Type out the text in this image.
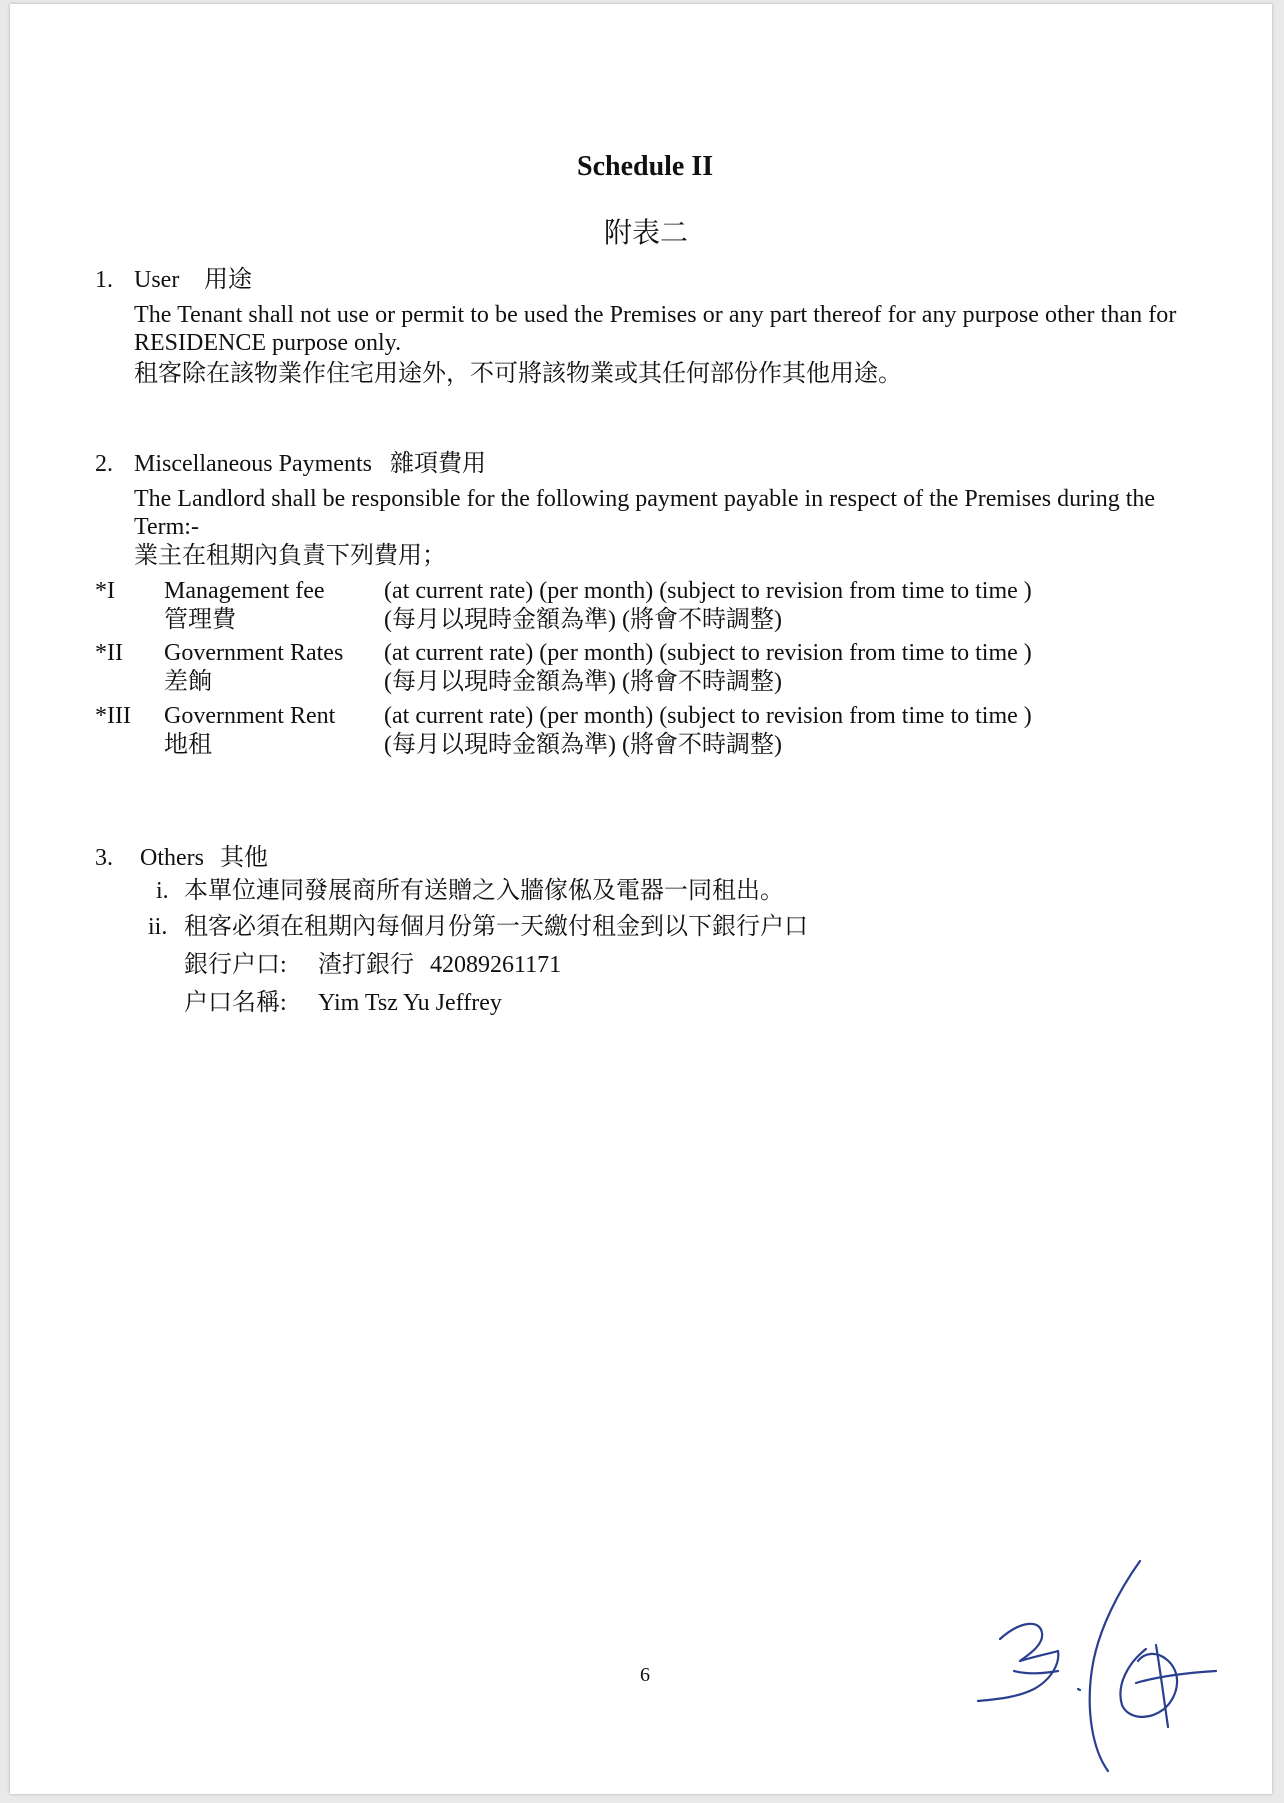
Schedule II
附表二
1. User 用途
The Tenant shall not use or permit to be used the Premises or any part thereof for any purpose other than for
RESIDENCE purpose only.
租客除在該物業作住宅用途外，不可將該物業或其任何部份作其他用途。
2. Miscellaneous Payments 雜項費用
The Landlord shall be responsible for the following payment payable in respect of the Premises during the
Term:-
業主在租期內負責下列費用；
*I Management fee (at current rate) (per month) (subject to revision from time to time )
管理費	(每月以現時金額為準) (將會不時調整)
*II Government Rates (at current rate) (per month) (subject to revision from time to time )
差餉	(每月以現時金額為準) (將會不時調整)
*III Government Rent (at current rate) (per month) (subject to revision from time to time )
地租	(每月以現時金額為準) (將會不時調整)
3. Others 其他
i. 本單位連同發展商所有送贈之入牆傢俬及電器一同租出。
ii. 租客必須在租期內每個月份第一天繳付租金到以下銀行户口
銀行户口: 渣打銀行 42089261171
户口名稱: Yim Tsz Yu Jeffrey
6
